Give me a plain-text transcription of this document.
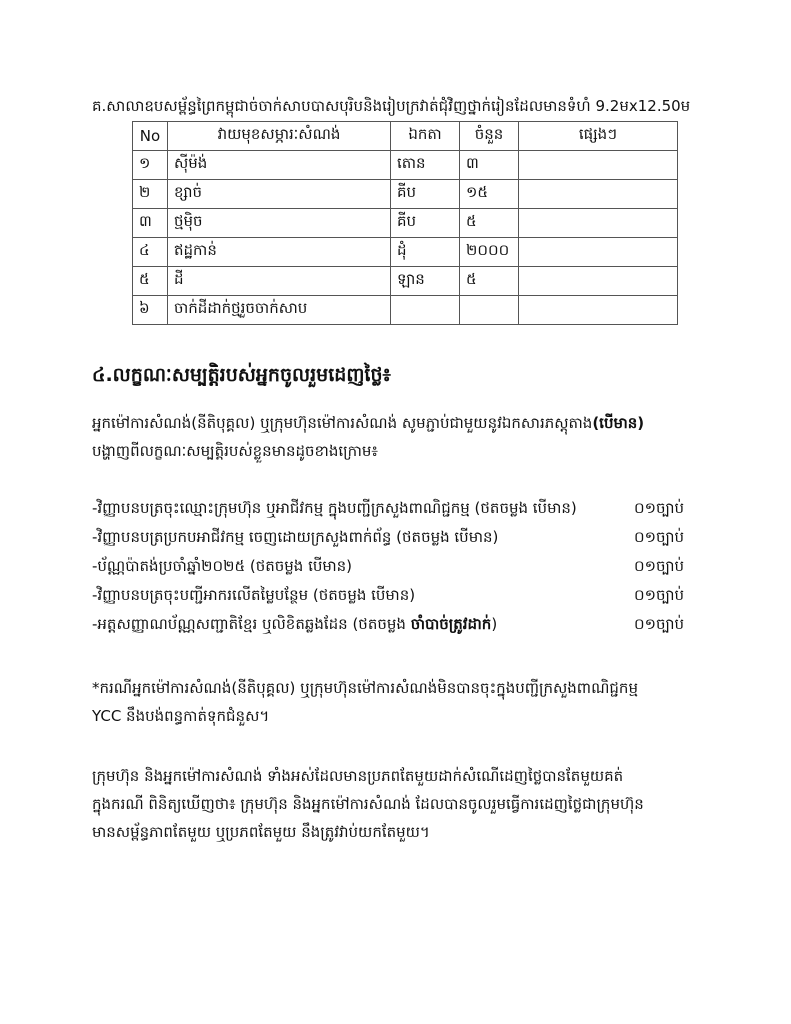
គ.សាលាឧបសម្ព័ន្ធព្រៃកម្ពុជាច់ចាក់សាបបាសបុរិបនិងរៀបក្រវាត់ជុំវិញថ្នាក់រៀនដែលមានទំហំ 9.2មx12.50ម
No	វាយមុខសម្ភារៈសំណង់	ឯកតា	ចំនួន	ផ្សេងៗ
១	ស៊ីម៉ង់	តោន	៣	
២	ខ្សាច់	គីប	១៥	
៣	ថ្មម៉ិច	គីប	៥	
៤	ឥដ្ឋកាន់	ដុំ	២០០០	
៥	ដី	ឡាន	៥	
៦	ចាក់ដីដាក់ថ្មរួចចាក់សាប			
៤.លក្ខណៈសម្បត្តិរបស់អ្នកចូលរួមដេញថ្លៃ៖
អ្នកម៉ៅការសំណង់(នីតិបុគ្គល) ឬក្រុមហ៊ុនម៉ៅការសំណង់ សូមភ្ជាប់ជាមួយនូវឯកសារភស្តុតាង(បើមាន)
បង្ហាញពីលក្ខណៈសម្បត្តិរបស់ខ្លួនមានដូចខាងក្រោម៖
-វិញ្ញាបនបត្រចុះឈ្មោះក្រុមហ៊ុន ឬអាជីវកម្ម ក្នុងបញ្ជីក្រសួងពាណិជ្ជកម្ម (ថតចម្លង បើមាន)	០១ច្បាប់
-វិញ្ញាបនបត្រប្រកបអាជីវកម្ម ចេញដោយក្រសួងពាក់ព័ន្ធ (ថតចម្លង បើមាន)	០១ច្បាប់
-ប័ណ្ណប៉ាតង់ប្រចាំឆ្នាំ២០២៥ (ថតចម្លង បើមាន)	០១ច្បាប់
-វិញ្ញាបនបត្រចុះបញ្ជីអាករលើតម្លៃបន្ថែម (ថតចម្លង បើមាន)	០១ច្បាប់
-អត្តសញ្ញាណប័ណ្ណសញ្ជាតិខ្មែរ ឬលិខិតឆ្លងដែន (ថតចម្លង ចាំបាច់ត្រូវដាក់)	០១ច្បាប់
*ករណីអ្នកម៉ៅការសំណង់(នីតិបុគ្គល) ឬក្រុមហ៊ុនម៉ៅការសំណង់មិនបានចុះក្នុងបញ្ជីក្រសួងពាណិជ្ជកម្ម
YCC នឹងបង់ពន្ធកាត់ទុកជំនួស។
ក្រុមហ៊ុន និងអ្នកម៉ៅការសំណង់ ទាំងអស់ដែលមានប្រភពតែមួយដាក់សំណើដេញថ្លៃបានតែមួយគត់
ក្នុងករណី ពិនិត្យឃើញថា៖ ក្រុមហ៊ុន និងអ្នកម៉ៅការសំណង់ ដែលបានចូលរួមធ្វើការដេញថ្លៃជាក្រុមហ៊ុន
មានសម្ព័ន្ធភាពតែមួយ ឬប្រភពតែមួយ នឹងត្រូវវាប់យកតែមួយ។
